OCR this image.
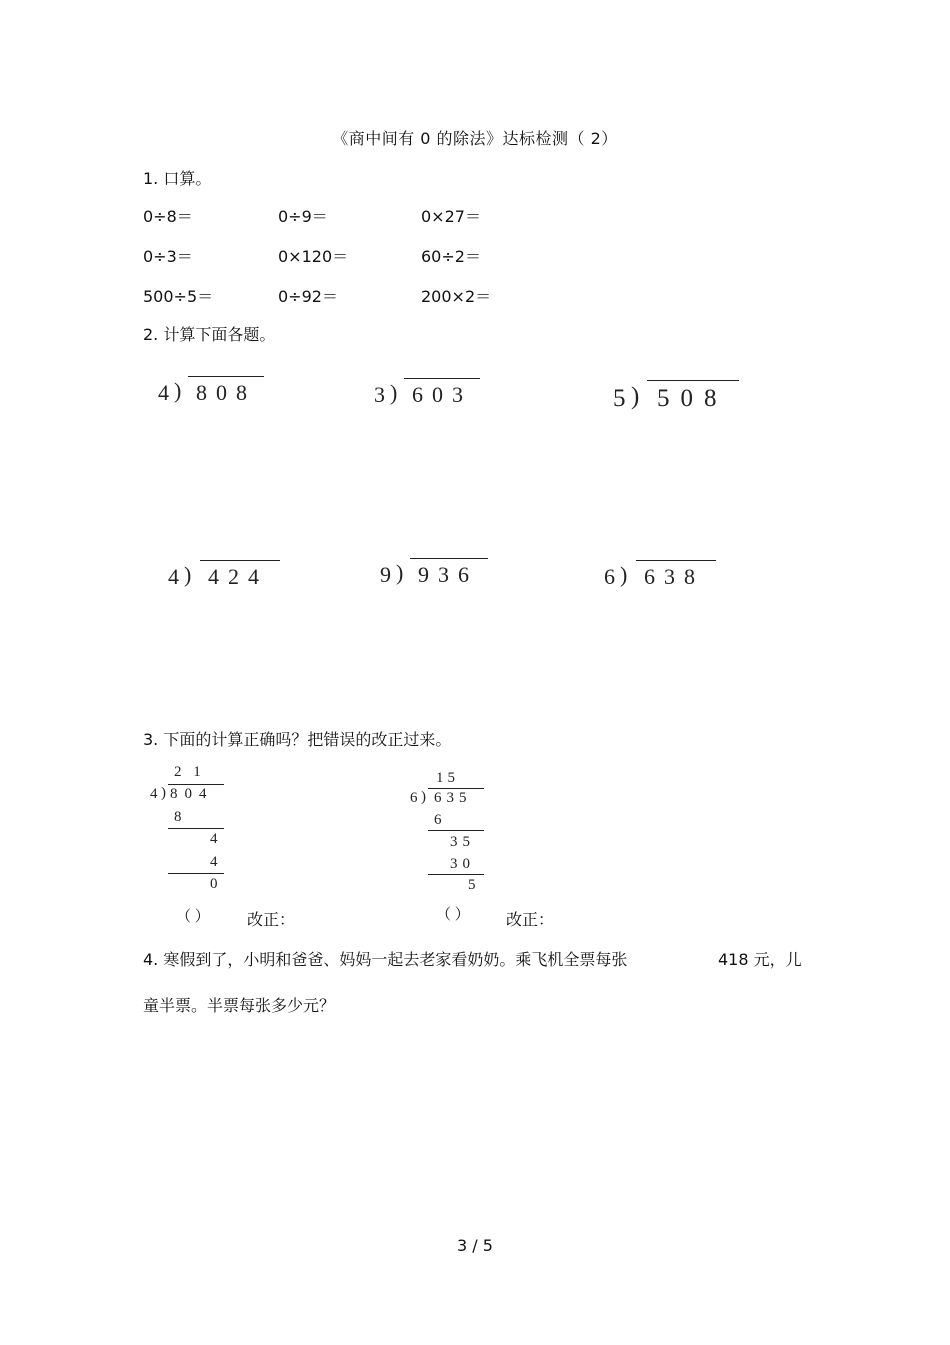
《商中间有 0 的除法》达标检测（ 2）
1. 口算。
0÷8＝	0÷9＝	0×27＝
0÷3＝	0×120＝	60÷2＝
500÷5＝	0÷92＝	200×2＝
2. 计算下面各题。
4 ) 808	3 ) 603	5 ) 508
4 ) 424	9 ) 936	6 ) 638
3. 下面的计算正确吗？把错误的改正过来。
2 1
4
)
804
8
4
4
0
（ ） 改正：
15
6
) 635
6
35
30
5
（ ） 改正：
4. 寒假到了，小明和爸爸、妈妈一起去老家看奶奶。乘飞机全票每张	418 元，儿
童半票。半票每张多少元？
3 / 5
